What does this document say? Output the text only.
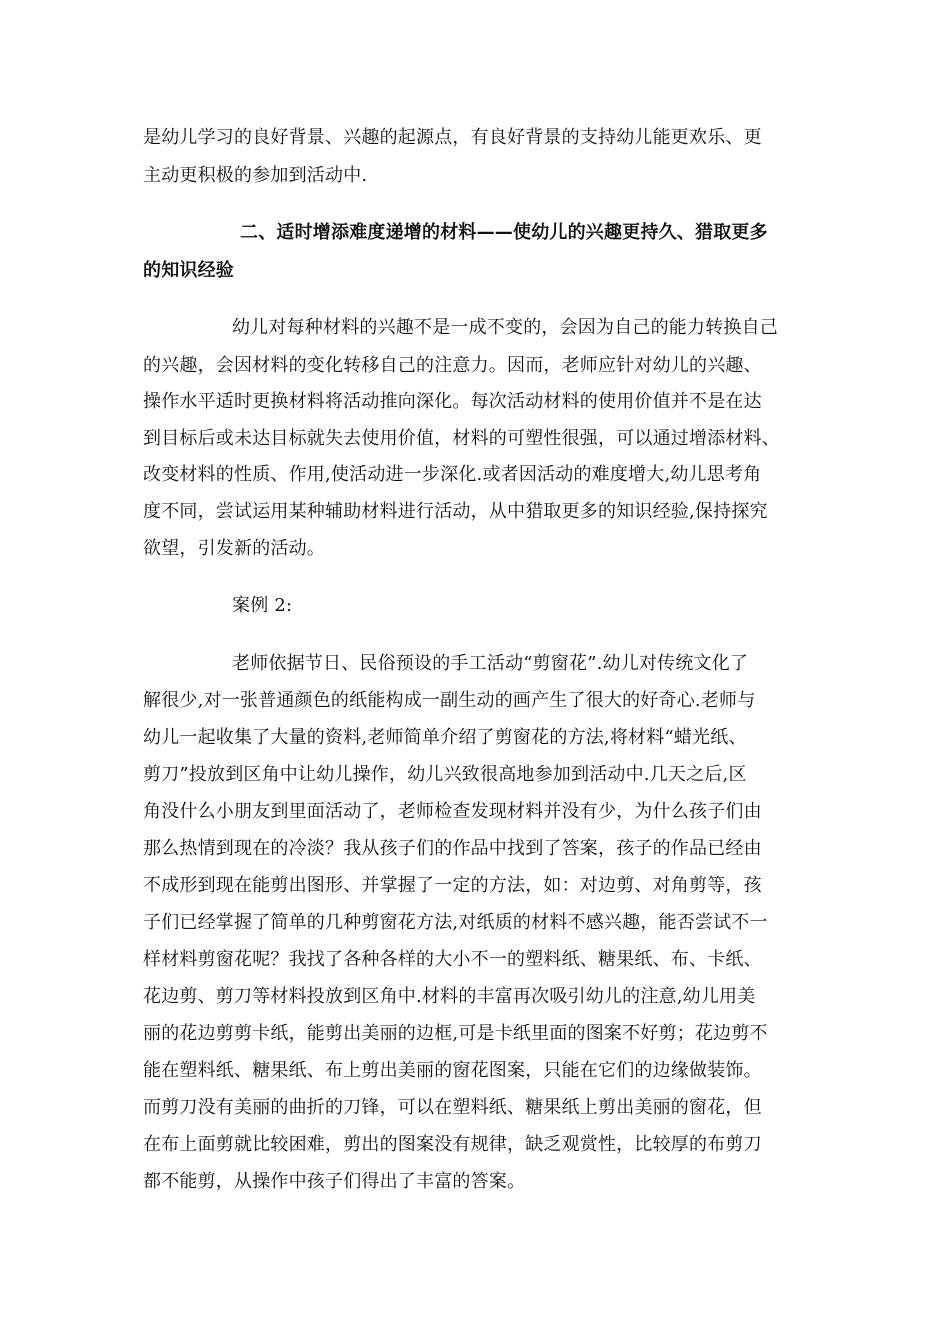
是幼儿学习的良好背景、兴趣的起源点，有良好背景的支持幼儿能更欢乐、更
主动更积极的参加到活动中.
二、适时增添难度递增的材料——使幼儿的兴趣更持久、猎取更多
的知识经验
幼儿对每种材料的兴趣不是一成不变的，会因为自己的能力转换自己
的兴趣，会因材料的变化转移自己的注意力。因而，老师应针对幼儿的兴趣、
操作水平适时更换材料将活动推向深化。每次活动材料的使用价值并不是在达
到目标后或未达目标就失去使用价值，材料的可塑性很强，可以通过增添材料、
改变材料的性质、作用,使活动进一步深化.或者因活动的难度增大,幼儿思考角
度不同，尝试运用某种辅助材料进行活动，从中猎取更多的知识经验,保持探究
欲望，引发新的活动。
案例 2:
老师依据节日、民俗预设的手工活动“剪窗花”.幼儿对传统文化了
解很少,对一张普通颜色的纸能构成一副生动的画产生了很大的好奇心.老师与
幼儿一起收集了大量的资料,老师简单介绍了剪窗花的方法,将材料“蜡光纸、
剪刀”投放到区角中让幼儿操作，幼儿兴致很高地参加到活动中.几天之后,区
角没什么小朋友到里面活动了，老师检查发现材料并没有少，为什么孩子们由
那么热情到现在的冷淡？我从孩子们的作品中找到了答案，孩子的作品已经由
不成形到现在能剪出图形、并掌握了一定的方法，如：对边剪、对角剪等，孩
子们已经掌握了简单的几种剪窗花方法,对纸质的材料不感兴趣，能否尝试不一
样材料剪窗花呢？我找了各种各样的大小不一的塑料纸、糖果纸、布、卡纸、
花边剪、剪刀等材料投放到区角中.材料的丰富再次吸引幼儿的注意,幼儿用美
丽的花边剪剪卡纸，能剪出美丽的边框,可是卡纸里面的图案不好剪；花边剪不
能在塑料纸、糖果纸、布上剪出美丽的窗花图案，只能在它们的边缘做装饰。
而剪刀没有美丽的曲折的刀锋，可以在塑料纸、糖果纸上剪出美丽的窗花，但
在布上面剪就比较困难，剪出的图案没有规律，缺乏观赏性，比较厚的布剪刀
都不能剪，从操作中孩子们得出了丰富的答案。
